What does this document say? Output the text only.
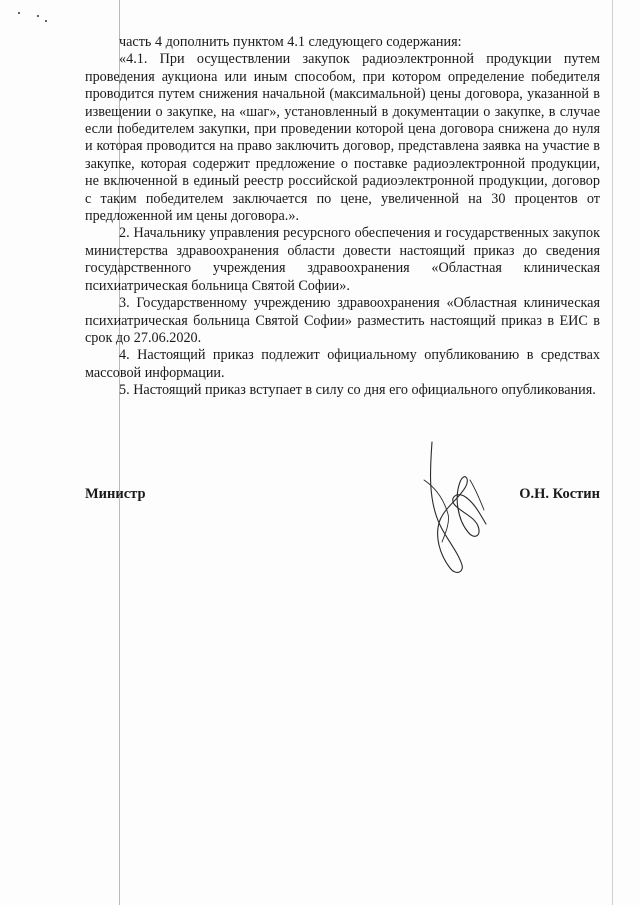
часть 4 дополнить пунктом 4.1 следующего содержания:

«4.1. При осуществлении закупок радиоэлектронной продукции путем проведения аукциона или иным способом, при котором определение победителя проводится путем снижения начальной (максимальной) цены договора, указанной в извещении о закупке, на «шаг», установленный в документации о закупке, в случае если победителем закупки, при проведении которой цена договора снижена до нуля и которая проводится на право заключить договор, представлена заявка на участие в закупке, которая содержит предложение о поставке радиоэлектронной продукции, не включенной в единый реестр российской радиоэлектронной продукции, договор с таким победителем заключается по цене, увеличенной на 30 процентов от предложенной им цены договора.».

2. Начальнику управления ресурсного обеспечения и государственных закупок министерства здравоохранения области довести настоящий приказ до сведения государственного учреждения здравоохранения «Областная клиническая психиатрическая больница Святой Софии».

3. Государственному учреждению здравоохранения «Областная клиническая психиатрическая больница Святой Софии» разместить настоящий приказ в ЕИС в срок до 27.06.2020.

4. Настоящий приказ подлежит официальному опубликованию в средствах массовой информации.

5. Настоящий приказ вступает в силу со дня его официального опубликования.

Министр	О.Н. Костин
